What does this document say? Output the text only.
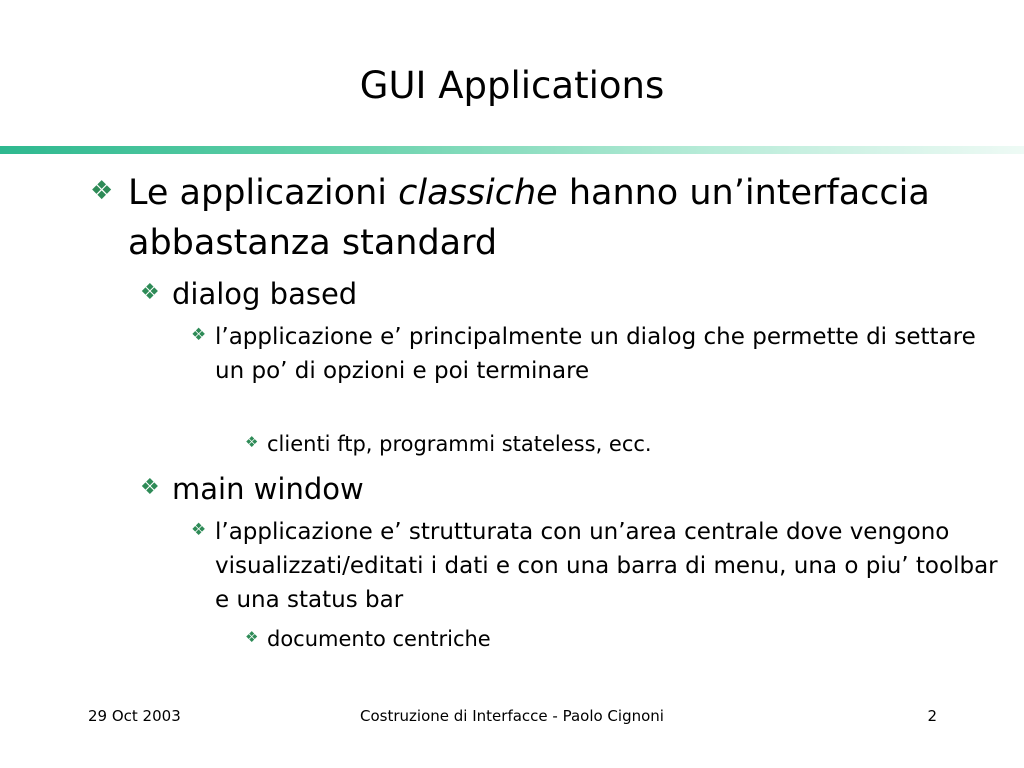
GUI Applications
❖ Le applicazioni classiche hanno un’interfaccia abbastanza standard
❖ dialog based
❖ l’applicazione e’ principalmente un dialog che permette di settare un po’ di opzioni e poi terminare
❖ clienti ftp, programmi stateless, ecc.
❖ main window
❖ l’applicazione e’ strutturata con un’area centrale dove vengono visualizzati/editati i dati e con una barra di menu, una o piu’ toolbar e una status bar
❖ documento centriche
29 Oct 2003	Costruzione di Interfacce - Paolo Cignoni	2
